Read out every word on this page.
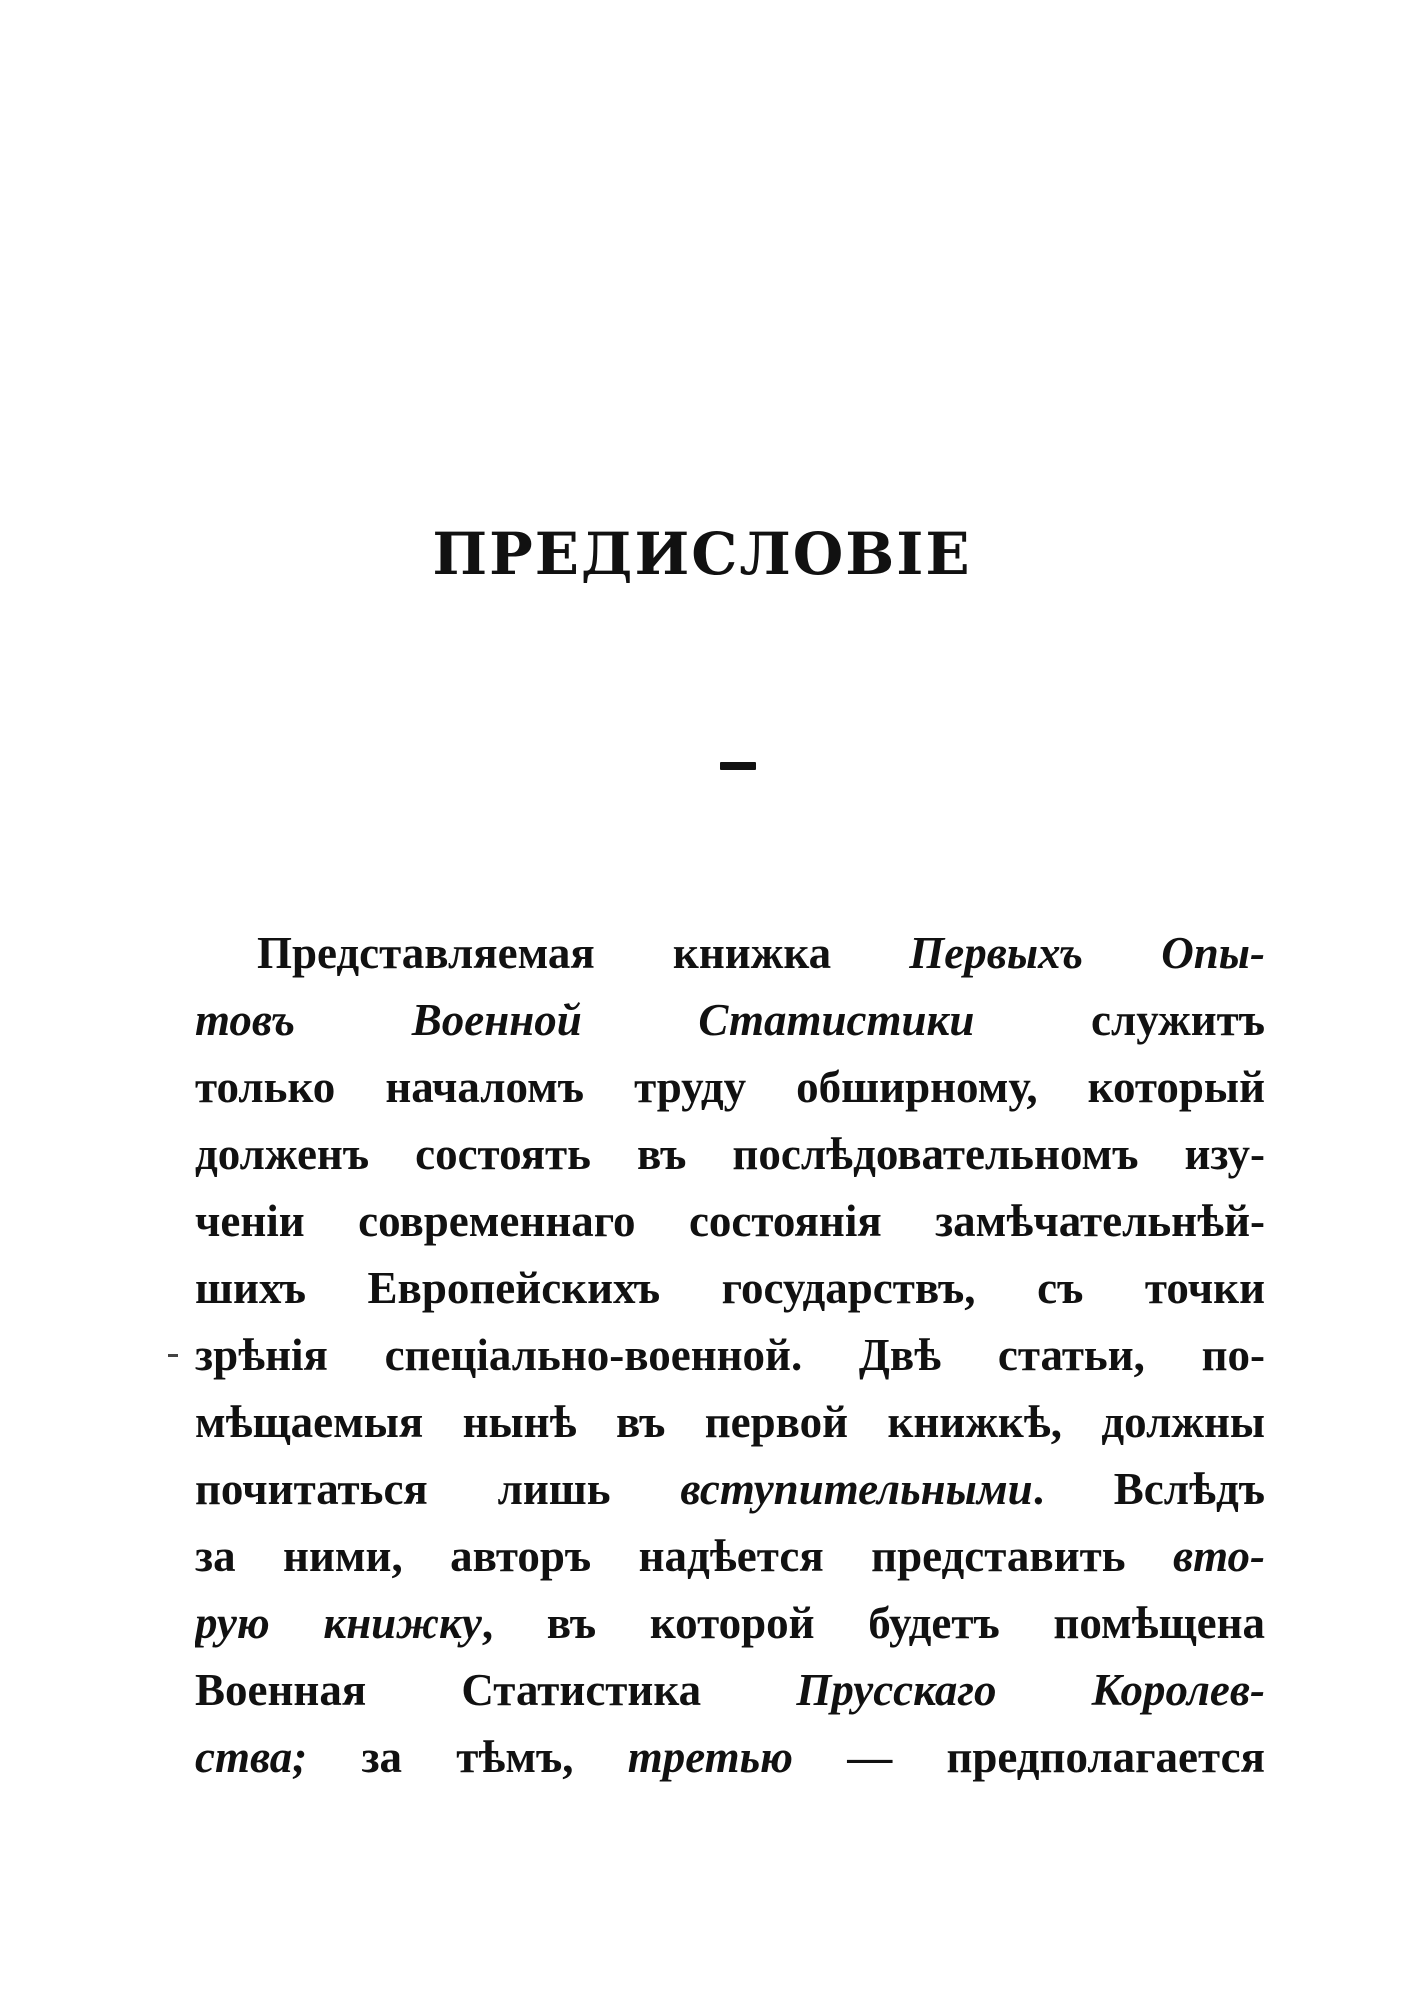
ПРЕДИСЛОВІЕ
Представляемая книжка Первыхъ Опы-
товъ Военной Статистики служитъ
только началомъ труду обширному, который
долженъ состоять въ послѣдовательномъ изу-
ченіи современнаго состоянія замѣчательнѣй-
шихъ Европейскихъ государствъ, съ точки
зрѣнія спеціально-военной. Двѣ статьи, по-
мѣщаемыя нынѣ въ первой книжкѣ, должны
почитаться лишь вступительными. Вслѣдъ
за ними, авторъ надѣется представить вто-
рую книжку, въ которой будетъ помѣщена
Военная Статистика Прусскаго Королев-
ства; за тѣмъ, третью — предполагается
